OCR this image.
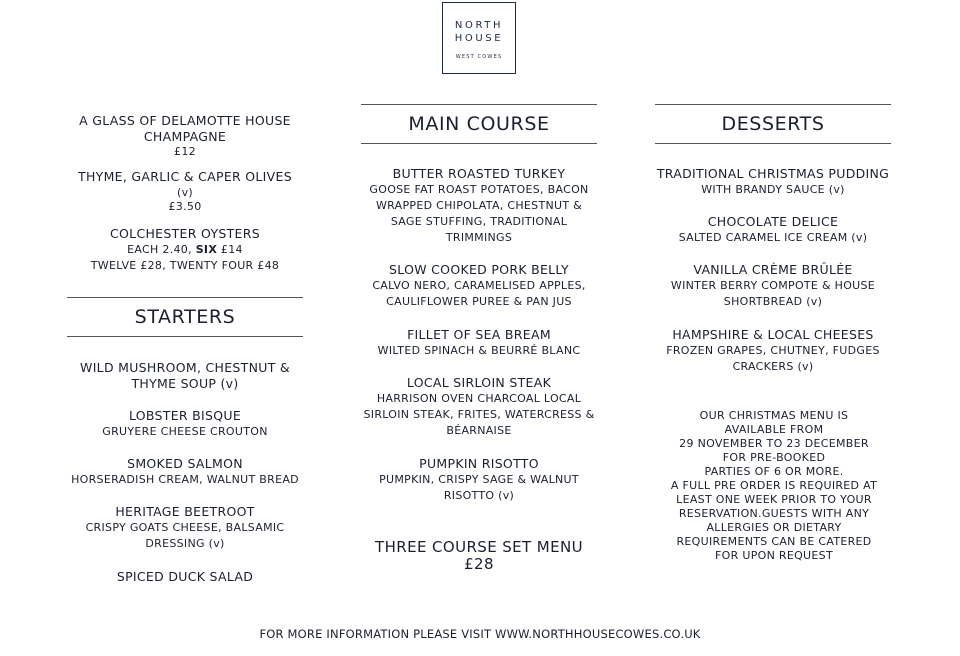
NORTH
HOUSE
WEST COWES
A GLASS OF DELAMOTTE HOUSE
CHAMPAGNE
£12
THYME, GARLIC & CAPER OLIVES
(v)
£3.50
COLCHESTER OYSTERS
EACH 2.40, SIX £14
TWELVE £28, TWENTY FOUR £48
STARTERS
WILD MUSHROOM, CHESTNUT &
THYME SOUP (v)
LOBSTER BISQUE
GRUYERE CHEESE CROUTON
SMOKED SALMON
HORSERADISH CREAM, WALNUT BREAD
HERITAGE BEETROOT
CRISPY GOATS CHEESE, BALSAMIC
DRESSING (v)
SPICED DUCK SALAD
MAIN COURSE
BUTTER ROASTED TURKEY
GOOSE FAT ROAST POTATOES, BACON
WRAPPED CHIPOLATA, CHESTNUT &
SAGE STUFFING, TRADITIONAL
TRIMMINGS
SLOW COOKED PORK BELLY
CALVO NERO, CARAMELISED APPLES,
CAULIFLOWER PUREE & PAN JUS
FILLET OF SEA BREAM
WILTED SPINACH & BEURRÉ BLANC
LOCAL SIRLOIN STEAK
HARRISON OVEN CHARCOAL LOCAL
SIRLOIN STEAK, FRITES, WATERCRESS &
BÉARNAISE
PUMPKIN RISOTTO
PUMPKIN, CRISPY SAGE & WALNUT
RISOTTO (v)
THREE COURSE SET MENU
£28
DESSERTS
TRADITIONAL CHRISTMAS PUDDING
WITH BRANDY SAUCE (v)
CHOCOLATE DELICE
SALTED CARAMEL ICE CREAM (v)
VANILLA CRÈME BRÛLÉE
WINTER BERRY COMPOTE & HOUSE
SHORTBREAD (v)
HAMPSHIRE & LOCAL CHEESES
FROZEN GRAPES, CHUTNEY, FUDGES
CRACKERS (v)
OUR CHRISTMAS MENU IS
AVAILABLE FROM
29 NOVEMBER TO 23 DECEMBER
FOR PRE-BOOKED
PARTIES OF 6 OR MORE.
A FULL PRE ORDER IS REQUIRED AT
LEAST ONE WEEK PRIOR TO YOUR
RESERVATION.GUESTS WITH ANY
ALLERGIES OR DIETARY
REQUIREMENTS CAN BE CATERED
FOR UPON REQUEST
FOR MORE INFORMATION PLEASE VISIT WWW.NORTHHOUSECOWES.CO.UK
